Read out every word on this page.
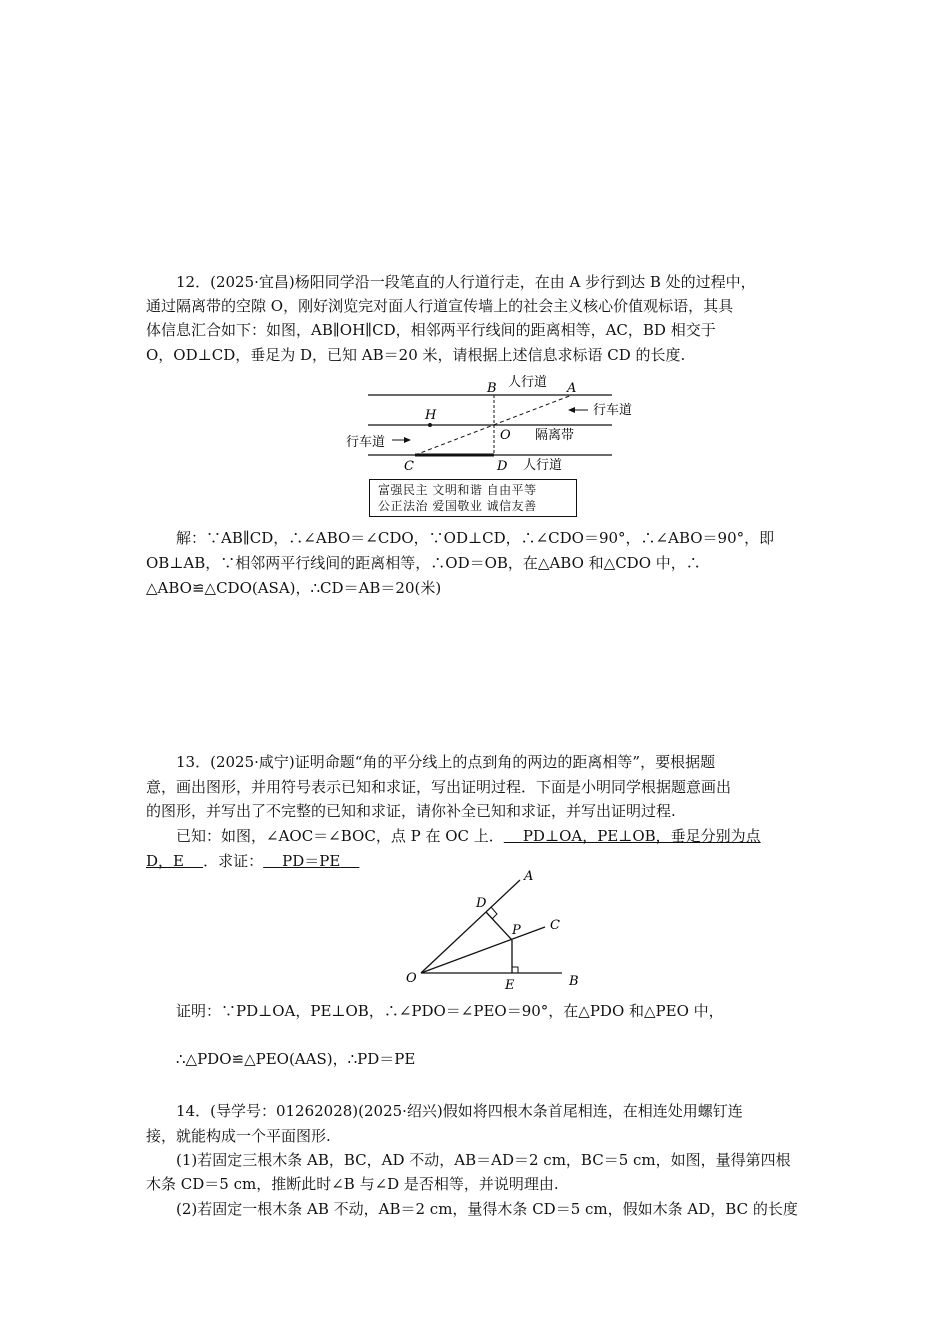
12．(2025·宜昌)杨阳同学沿一段笔直的人行道行走，在由 A 步行到达 B 处的过程中，
通过隔离带的空隙 O，刚好浏览完对面人行道宣传墙上的社会主义核心价值观标语，其具
体信息汇合如下：如图，AB∥OH∥CD，相邻两平行线间的距离相等，AC，BD 相交于
O，OD⊥CD，垂足为 D，已知 AB＝20 米，请根据上述信息求标语 CD 的长度.
B 人行道 A
行车道
H
O 隔离带
行车道
C	D 人行道
富强民主 文明和谐 自由平等
公正法治 爱国敬业 诚信友善
解：∵AB∥CD，∴∠ABO＝∠CDO，∵OD⊥CD，∴∠CDO＝90°，∴∠ABO＝90°，即
OB⊥AB，∵相邻两平行线间的距离相等，∴OD＝OB，在△ABO 和△CDO 中，∴
△ABO≌△CDO(ASA)，∴CD＝AB＝20(米)
13．(2025·咸宁)证明命题“角的平分线上的点到角的两边的距离相等”，要根据题
意，画出图形，并用符号表示已知和求证，写出证明过程．下面是小明同学根据题意画出
的图形，并写出了不完整的已知和求证，请你补全已知和求证，并写出证明过程.
已知：如图，∠AOC＝∠BOC，点 P 在 OC 上． PD⊥OA，PE⊥OB，垂足分别为点
D，E ．求证： PD＝PE
A
D
C
P
O	E	B
证明：∵PD⊥OA，PE⊥OB，∴∠PDO＝∠PEO＝90°，在△PDO 和△PEO 中，
∴△PDO≌△PEO(AAS)，∴PD＝PE
14．(导学号：01262028)(2025·绍兴)假如将四根木条首尾相连，在相连处用螺钉连
接，就能构成一个平面图形.
(1)若固定三根木条 AB，BC，AD 不动，AB＝AD＝2 cm，BC＝5 cm，如图，量得第四根
木条 CD＝5 cm，推断此时∠B 与∠D 是否相等，并说明理由.
(2)若固定一根木条 AB 不动，AB＝2 cm，量得木条 CD＝5 cm，假如木条 AD，BC 的长度
